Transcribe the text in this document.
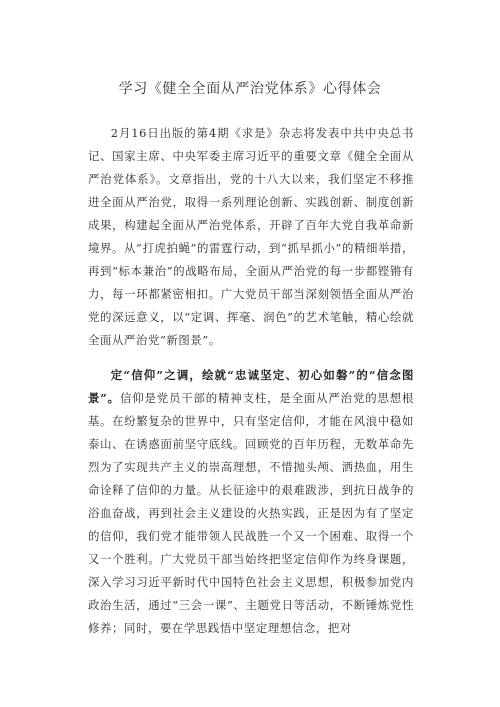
学习《健全全面从严治党体系》心得体会

2月16日出版的第4期《求是》杂志将发表中共中央总书记、国家主席、中央军委主席习近平的重要文章《健全全面从严治党体系》。文章指出，党的十八大以来，我们坚定不移推进全面从严治党，取得一系列理论创新、实践创新、制度创新成果，构建起全面从严治党体系，开辟了百年大党自我革命新境界。从“打虎拍蝇”的雷霆行动，到“抓早抓小”的精细举措，再到“标本兼治”的战略布局，全面从严治党的每一步都铿锵有力，每一环都紧密相扣。广大党员干部当深刻领悟全面从严治党的深远意义，以“定调、挥毫、润色”的艺术笔触，精心绘就全面从严治党“新图景”。

定“信仰”之调，绘就“忠诚坚定、初心如磐”的“信念图景”。信仰是党员干部的精神支柱，是全面从严治党的思想根基。在纷繁复杂的世界中，只有坚定信仰，才能在风浪中稳如泰山、在诱惑面前坚守底线。回顾党的百年历程，无数革命先烈为了实现共产主义的崇高理想，不惜抛头颅、洒热血，用生命诠释了信仰的力量。从长征途中的艰难跋涉，到抗日战争的浴血奋战，再到社会主义建设的火热实践，正是因为有了坚定的信仰，我们党才能带领人民战胜一个又一个困难、取得一个又一个胜利。广大党员干部当始终把坚定信仰作为终身课题，深入学习习近平新时代中国特色社会主义思想，积极参加党内政治生活，通过“三会一课”、主题党日等活动，不断锤炼党性修养；同时，要在学思践悟中坚定理想信念，把对
